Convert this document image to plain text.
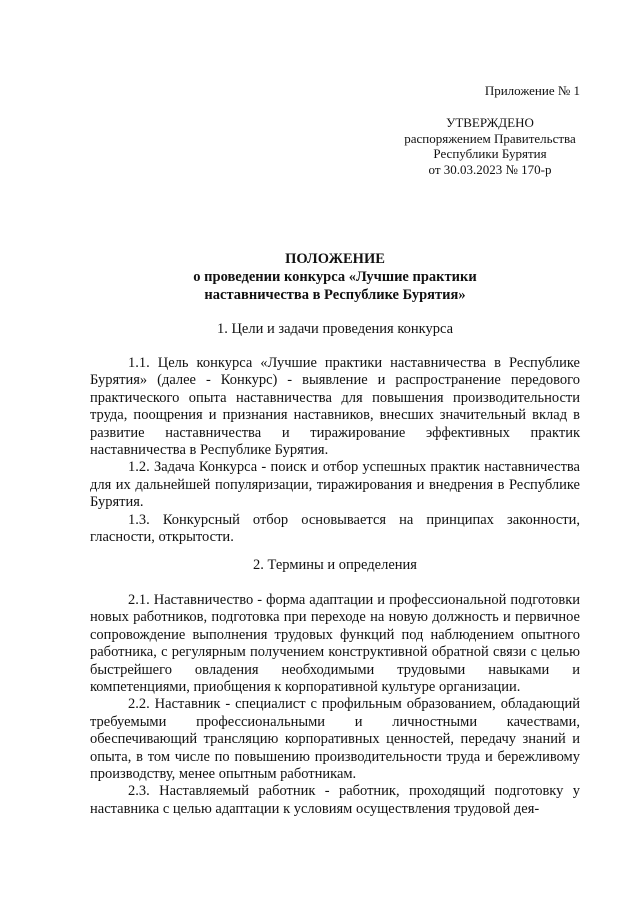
Приложение № 1
УТВЕРЖДЕНО
распоряжением Правительства
Республики Бурятия
от 30.03.2023 № 170-р
ПОЛОЖЕНИЕ
о проведении конкурса «Лучшие практики
наставничества в Республике Бурятия»
1. Цели и задачи проведения конкурса

1.1. Цель конкурса «Лучшие практики наставничества в Республике Бурятия» (далее - Конкурс) - выявление и распространение передового практического опыта наставничества для повышения производительности труда, поощрения и признания наставников, внесших значительный вклад в развитие наставничества и тиражирование эффективных практик наставничества в Республике Бурятия.

1.2. Задача Конкурса - поиск и отбор успешных практик наставничества для их дальнейшей популяризации, тиражирования и внедрения в Республике Бурятия.

1.3. Конкурсный отбор основывается на принципах законности, гласности, открытости.

2. Термины и определения

2.1. Наставничество - форма адаптации и профессиональной подготовки новых работников, подготовка при переходе на новую должность и первичное сопровождение выполнения трудовых функций под наблюдением опытного работника, с регулярным получением конструктивной обратной связи с целью быстрейшего овладения необходимыми трудовыми навыками и компетенциями, приобщения к корпоративной культуре организации.

2.2. Наставник - специалист с профильным образованием, обладающий требуемыми профессиональными и личностными качествами, обеспечивающий трансляцию корпоративных ценностей, передачу знаний и опыта, в том числе по повышению производительности труда и бережливому производству, менее опытным работникам.

2.3. Наставляемый работник - работник, проходящий подготовку у наставника с целью адаптации к условиям осуществления трудовой дея-
